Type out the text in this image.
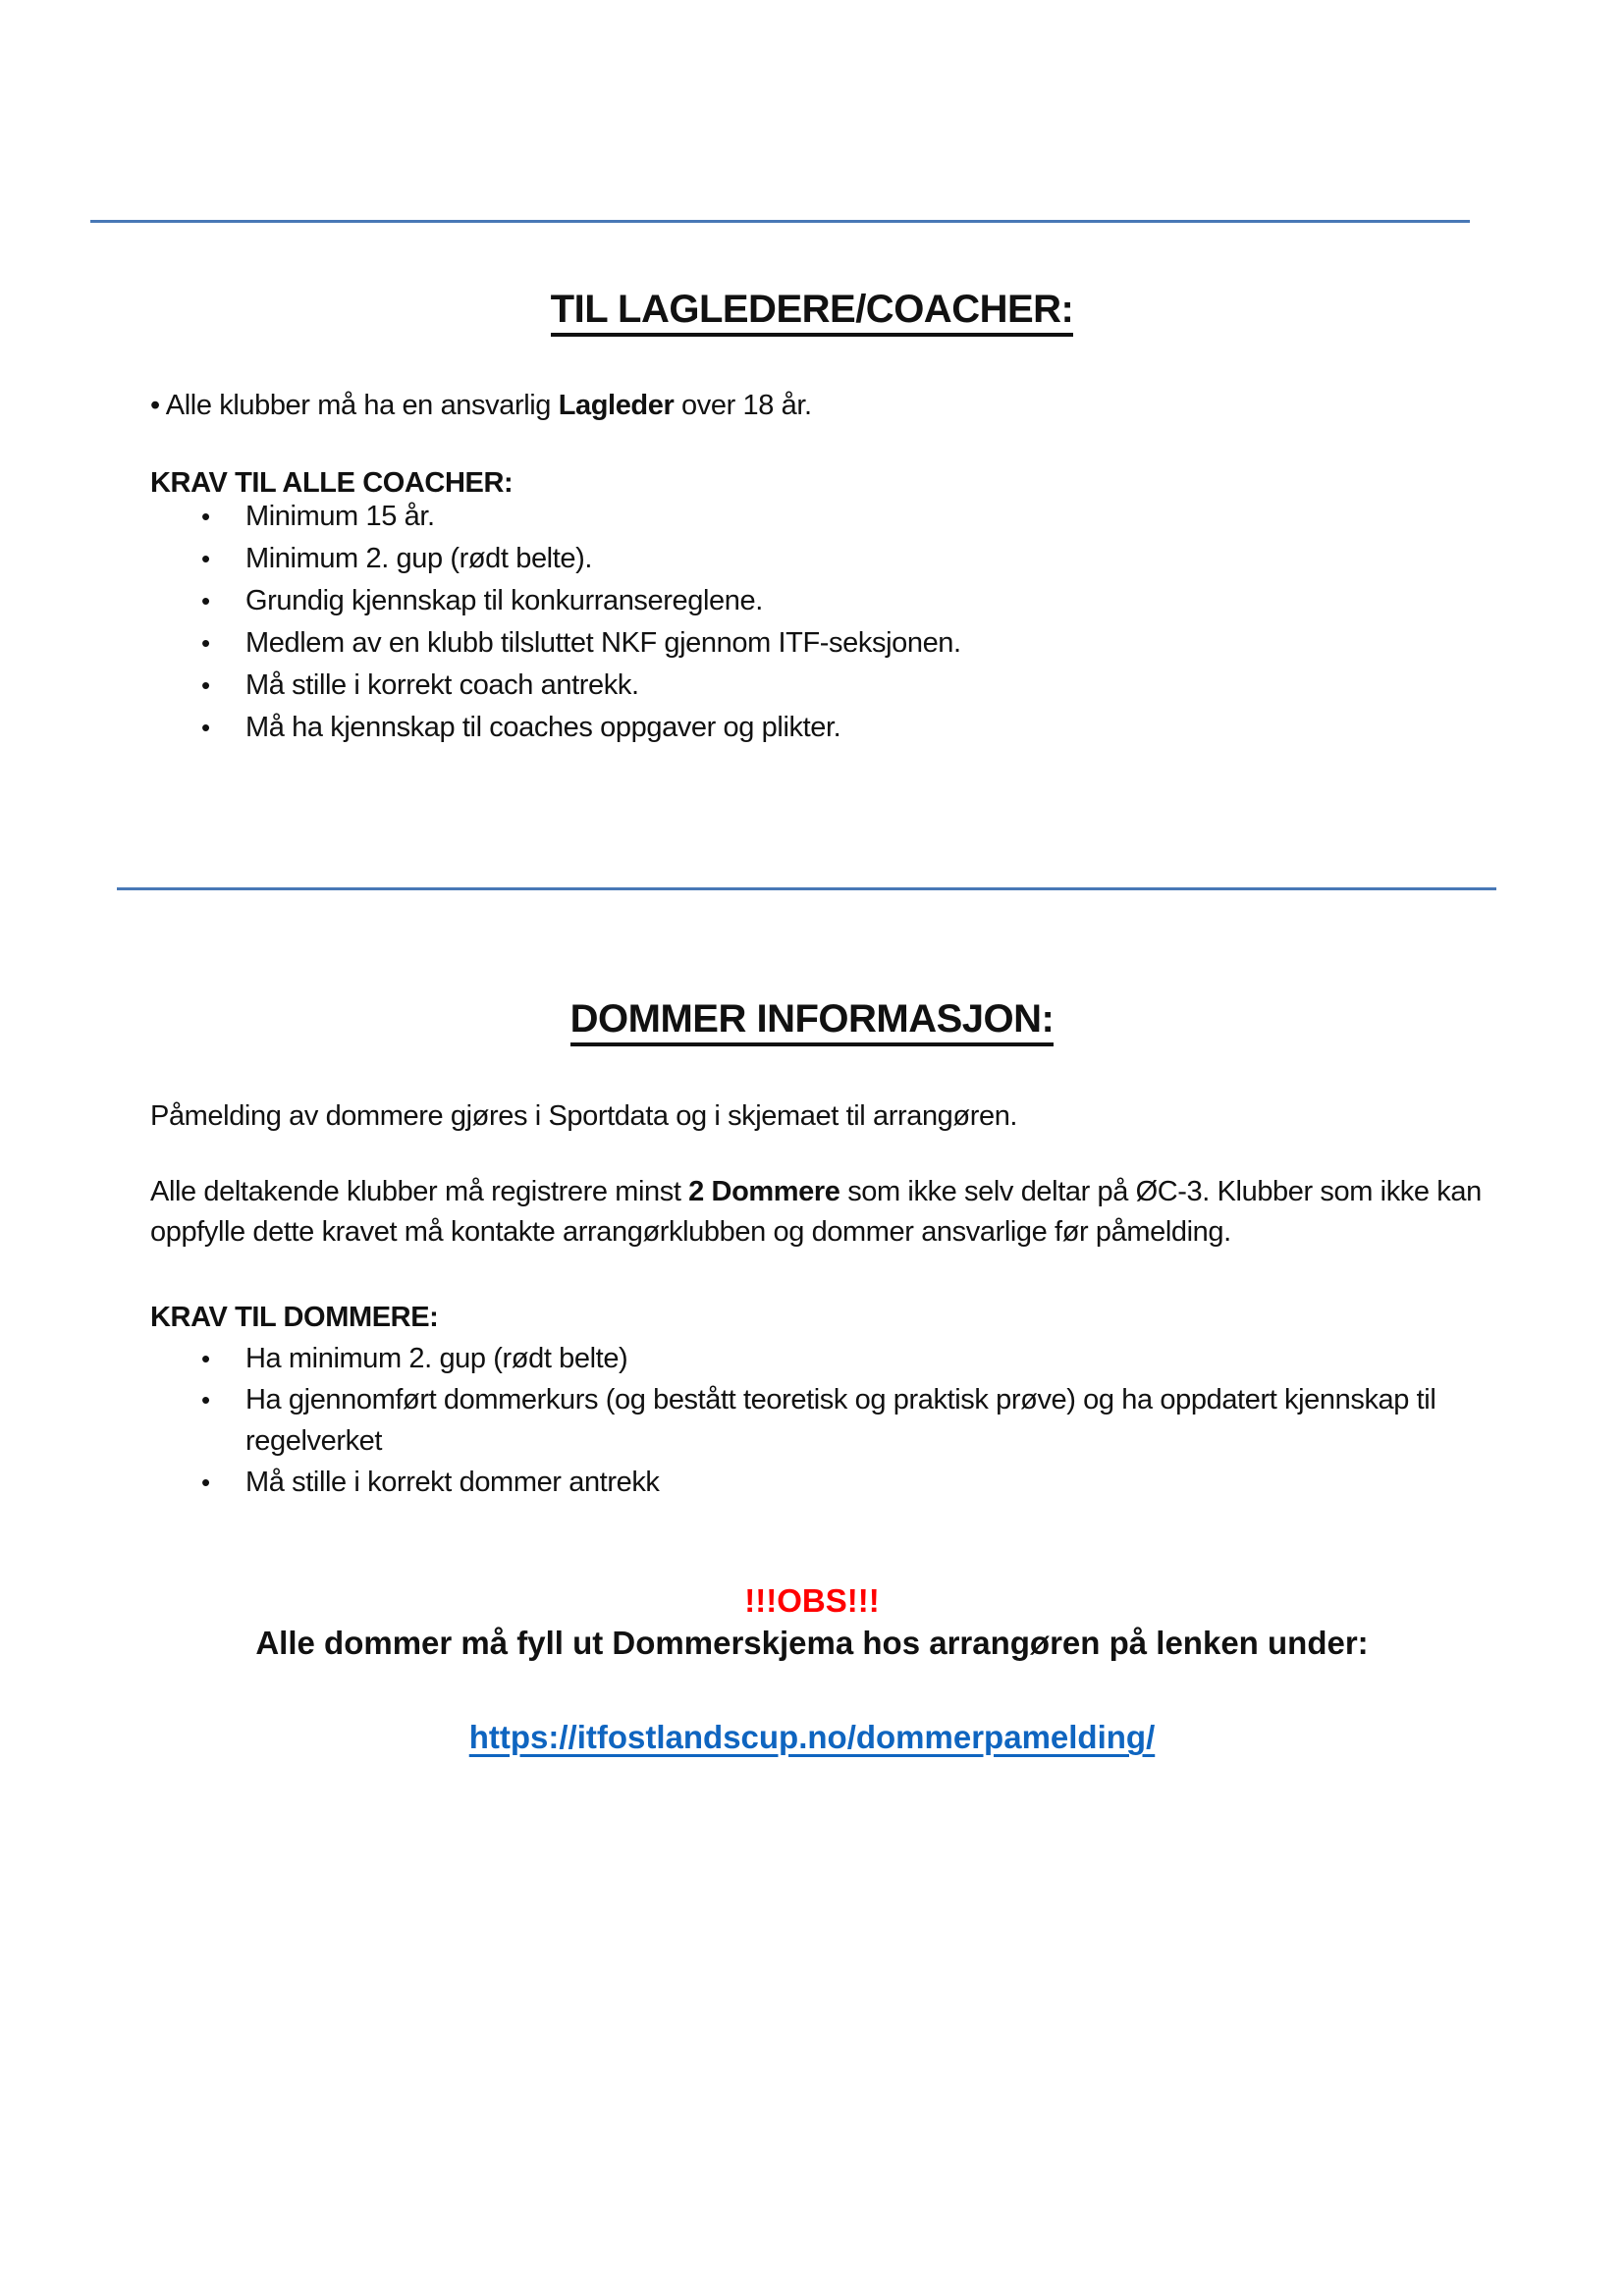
TIL LAGLEDERE/COACHER:

• Alle klubber må ha en ansvarlig Lagleder over 18 år.

KRAV TIL ALLE COACHER:

• Minimum 15 år.
• Minimum 2. gup (rødt belte).
• Grundig kjennskap til konkurransereglene.
• Medlem av en klubb tilsluttet NKF gjennom ITF-seksjonen.
• Må stille i korrekt coach antrekk.
• Må ha kjennskap til coaches oppgaver og plikter.
DOMMER INFORMASJON:

Påmelding av dommere gjøres i Sportdata og i skjemaet til arrangøren.

Alle deltakende klubber må registrere minst 2 Dommere som ikke selv deltar på ØC-3. Klubber som ikke kan oppfylle dette kravet må kontakte arrangørklubben og dommer ansvarlige før påmelding.

KRAV TIL DOMMERE:

• Ha minimum 2. gup (rødt belte)
• Ha gjennomført dommerkurs (og bestått teoretisk og praktisk prøve) og ha oppdatert kjennskap til regelverket
• Må stille i korrekt dommer antrekk

!!!OBS!!!

Alle dommer må fyll ut Dommerskjema hos arrangøren på lenken under:

https://itfostlandscup.no/dommerpamelding/
